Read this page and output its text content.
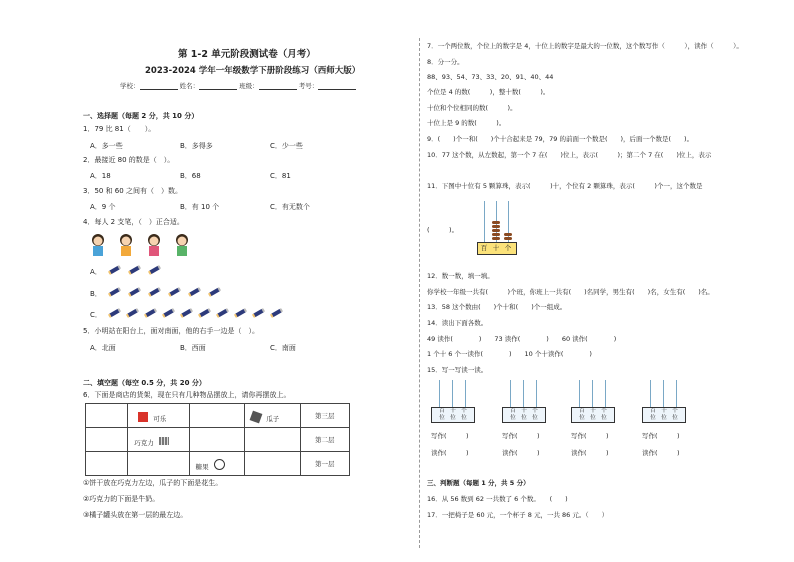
第 1-2 单元阶段测试卷（月考）
2023-2024 学年一年级数学下册阶段练习（西师大版）
学校：	姓名：	班级：	考号：
一、选择题（每题 2 分，共 10 分）
1．79 比 81（　　）。
A．多一些	B．多得多	C．少一些
2．最接近 80 的数是（　）。
A．18	B．68	C．81
3．50 和 60 之间有（　）数。
A．9 个	B．有 10 个	C．有无数个
4．每人 2 支笔，（　）正合适。
A．
B．
C．
5．小明站在阳台上，面对南面，他的右手一边是（　）。
A．北面	B．西面	C．南面
二、填空题（每空 0.5 分，共 20 分）
6．下面是商店的货架，现在只有几种物品摆放上，请你再摆放上。
	可乐		瓜子	第三层
	巧克力			第二层
		糖果		第一层
①饼干放在巧克力左边，瓜子的下面是花生。
②巧克力的下面是牛奶。
③橘子罐头放在第一层的最左边。
7．一个两位数，个位上的数字是 4，十位上的数字是最大的一位数，这个数写作（　　　），读作（　　　）。
8．分一分。
88、93、54、73、33、20、91、40、44
个位是 4 的数(　　　)，整十数(　　　)。
十位和个位相同的数(　　　)。
十位上是 9 的数(　　　)。
9．(　　)个一和(　　)个十合起来是 79，79 的前面一个数是(　　)，后面一个数是(　　)。
10．77 这个数，从左数起，第一个 7 在(　　)位上，表示(　　　)；第二个 7 在(　　)位上，表示
11．下图中十位有 5 颗算珠，表示(　　　)十，个位有 2 颗算珠，表示(　　　)个一，这个数是
(　　　)。
百 十 个
12．数一数，填一填。
你学校一年级一共有(　　　)个班，你班上一共有(　　)名同学，男生有(　　)名，女生有(　　)名。
13．58 这个数由(　　)个十和(　　)个一组成。
14．读出下面各数。
49 读作(　　　　)　　73 读作(　　　　)　　60 读作(　　　　)
1 个十 6 个一读作(　　　　)　　10 个十读作(　　　　)
15．写一写读一读。
百　十　个
位　位　位
写作(　　　)
读作(　　　)
百　十　个
位　位　位
写作(　　　)
读作(　　　)
百　十　个
位　位　位
写作(　　　)
读作(　　　)
百　十　个
位　位　位
写作(　　　)
读作(　　　)
三、判断题（每题 1 分，共 5 分）
16．从 56 数到 62 一共数了 6 个数。　　(　　)
17．一把椅子是 60 元，一个杯子 8 元，一共 86 元。（　　）
